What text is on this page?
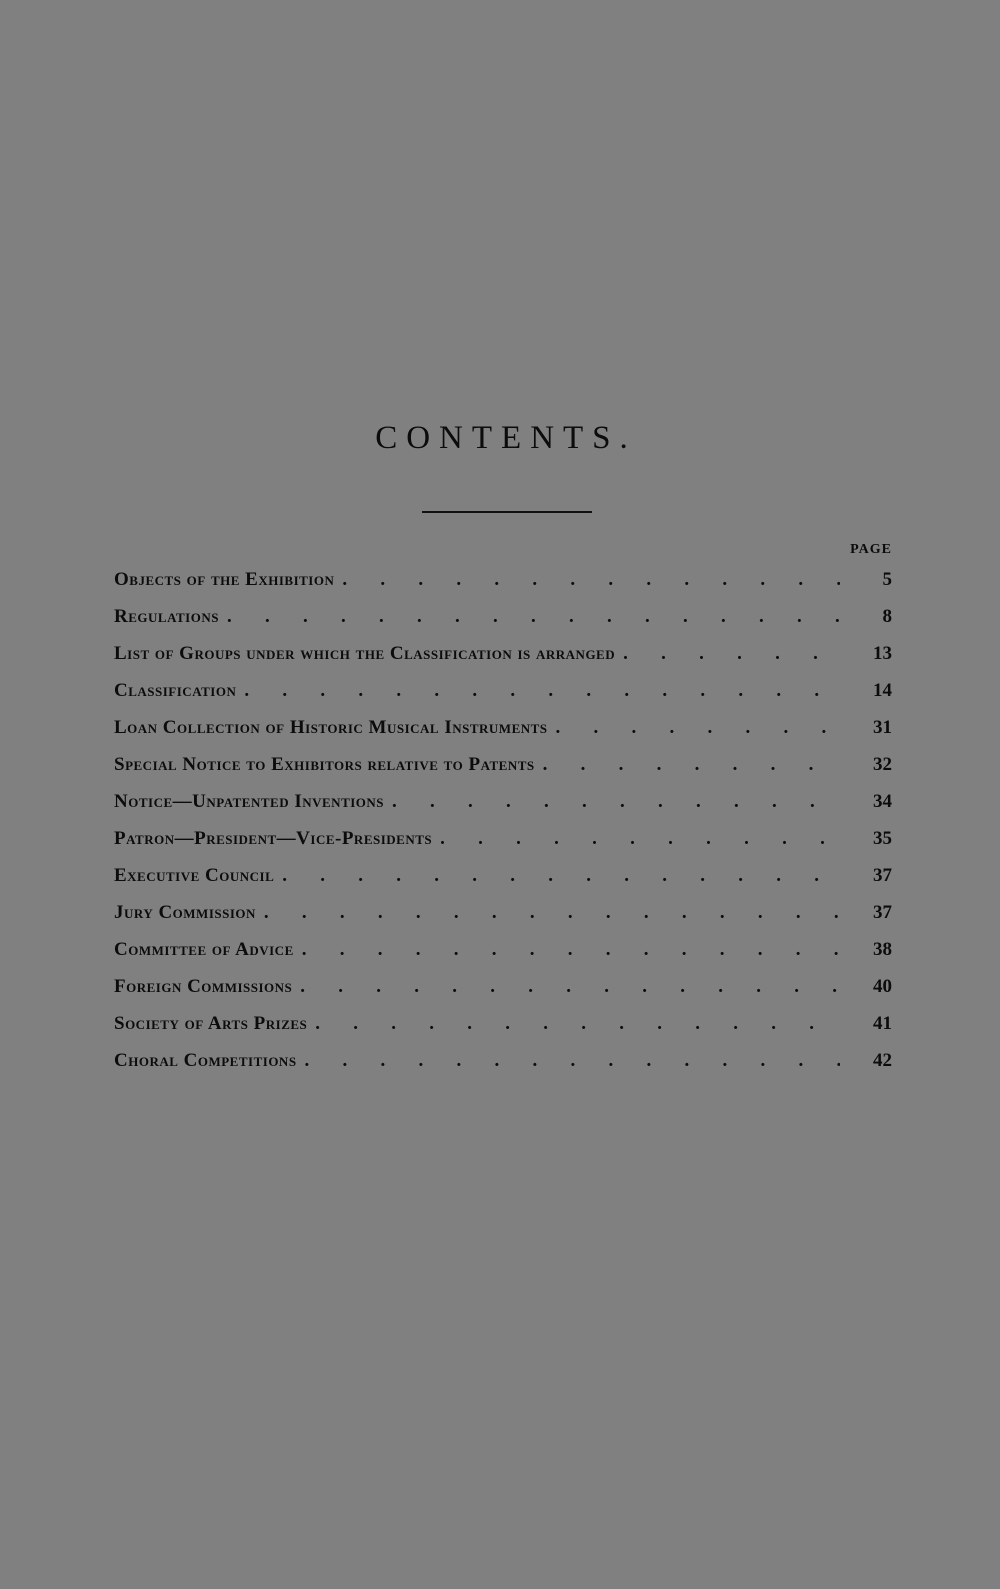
CONTENTS.
PAGE
Objects of the Exhibition .	5
Regulations .	8
List of Groups under which the Classification is arranged .	13
Classification .	14
Loan Collection of Historic Musical Instruments .	31
Special Notice to Exhibitors relative to Patents .	32
Notice—Unpatented Inventions .	34
Patron—President—Vice-Presidents .	35
Executive Council .	37
Jury Commission .	37
Committee of Advice .	38
Foreign Commissions .	40
Society of Arts Prizes .	41
Choral Competitions .	42
